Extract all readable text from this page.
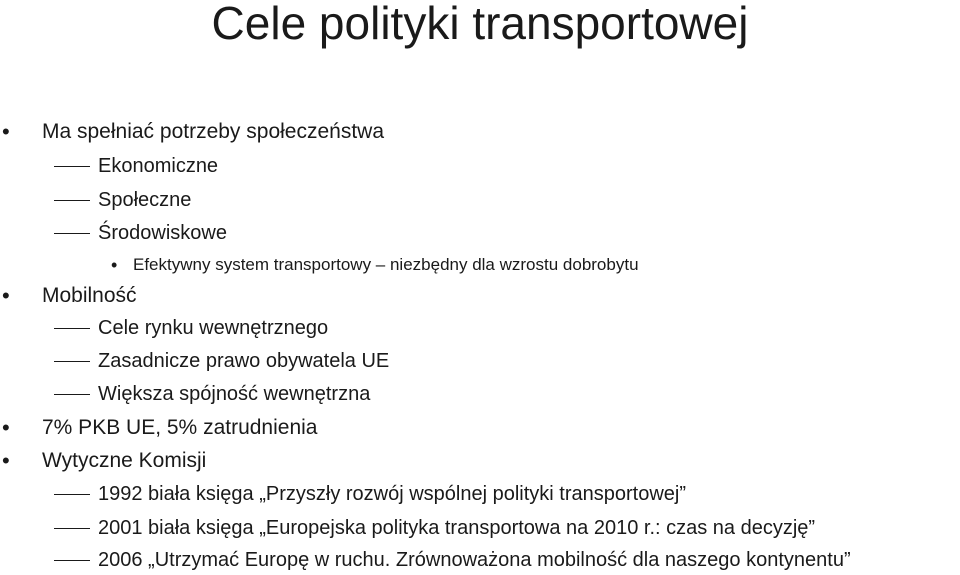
Cele polityki transportowej
•
Ma spełniać potrzeby społeczeństwa
Ekonomiczne
Społeczne
Środowiskowe
•
Efektywny system transportowy – niezbędny dla wzrostu dobrobytu
•
Mobilność
Cele rynku wewnętrznego
Zasadnicze prawo obywatela UE
Większa spójność wewnętrzna
•
7% PKB UE, 5% zatrudnienia
•
Wytyczne Komisji
1992 biała księga „Przyszły rozwój wspólnej polityki transportowej”
2001 biała księga „Europejska polityka transportowa na 2010 r.: czas na decyzję”
2006 „Utrzymać Europę w ruchu. Zrównoważona mobilność dla naszego kontynentu”
